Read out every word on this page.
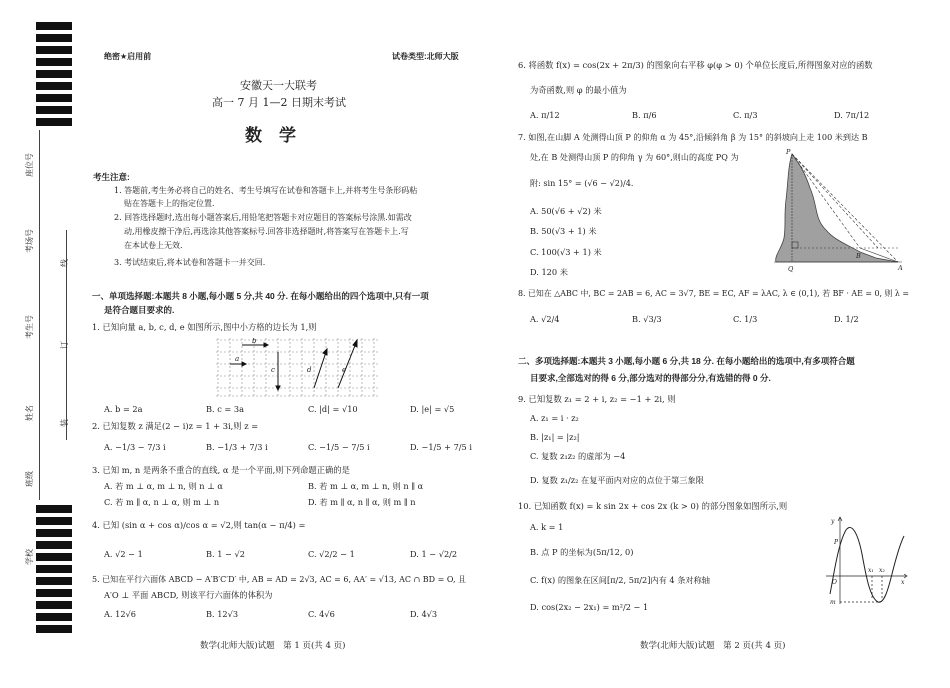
座位号
考场号
考生号
姓名
班级
学校
线
订
装
绝密★启用前	试卷类型:北师大版
安徽天一大联考
高一 7 月 1—2 日期末考试
数　学
考生注意:
1. 答题前,考生务必将自己的姓名、考生号填写在试卷和答题卡上,并将考生号条形码粘
贴在答题卡上的指定位置.
2. 回答选择题时,选出每小题答案后,用铅笔把答题卡对应题目的答案标号涂黑.如需改
动,用橡皮擦干净后,再选涂其他答案标号.回答非选择题时,将答案写在答题卡上.写
在本试卷上无效.
3. 考试结束后,将本试卷和答题卡一并交回.
一、单项选择题:本题共 8 小题,每小题 5 分,共 40 分. 在每小题给出的四个选项中,只有一项
是符合题目要求的.
1. 已知向量 a, b, c, d, e 如图所示,图中小方格的边长为 1,则
a
b
c	d	e
A. b = 2a	B. c = 3a	C. |d| = √10	D. |e| = √5
2. 已知复数 z 满足(2 − i)z = 1 + 3i,则 z =
A. −1/3 − 7/3 i	B. −1/3 + 7/3 i	C. −1/5 − 7/5 i	D. −1/5 + 7/5 i
3. 已知 m, n 是两条不重合的直线, α 是一个平面,则下列命题正确的是
A. 若 m ⊥ α, m ⊥ n, 则 n ⊥ α	B. 若 m ⊥ α, m ⊥ n, 则 n ∥ α
C. 若 m ∥ α, n ⊥ α, 则 m ⊥ n	D. 若 m ∥ α, n ∥ α, 则 m ∥ n
4. 已知 (sin α + cos α)/cos α = √2,则 tan(α − π/4) =
A. √2 − 1	B. 1 − √2	C. √2/2 − 1	D. 1 − √2/2
5. 已知在平行六面体 ABCD − A′B′C′D′ 中, AB = AD = 2√3, AC = 6, AA′ = √13, AC ∩ BD = O, 且
A′O ⊥ 平面 ABCD, 则该平行六面体的体积为
A. 12√6	B. 12√3	C. 4√6	D. 4√3
数学(北师大版)试题　第 1 页(共 4 页)
6. 将函数 f(x) = cos(2x + 2π/3) 的图象向右平移 φ(φ > 0) 个单位长度后,所得图象对应的函数
为奇函数,则 φ 的最小值为
A. π/12	B. π/6	C. π/3	D. 7π/12
7. 如图,在山脚 A 处测得山顶 P 的仰角 α 为 45°,沿倾斜角 β 为 15° 的斜坡向上走 100 米到达 B
处,在 B 处测得山顶 P 的仰角 γ 为 60°,则山的高度 PQ 为
附: sin 15° = (√6 − √2)/4.
A. 50(√6 + √2) 米
B. 50(√3 + 1) 米
C. 100(√3 + 1) 米
D. 120 米
P
Q	A
B
8. 已知在 △ABC 中, BC = 2AB = 6, AC = 3√7, BE = EC, AF = λAC, λ ∈ (0,1), 若 BF · AE = 0, 则 λ =
A. √2/4	B. √3/3	C. 1/3	D. 1/2
二、多项选择题:本题共 3 小题,每小题 6 分,共 18 分. 在每小题给出的选项中,有多项符合题
目要求,全部选对的得 6 分,部分选对的得部分分,有选错的得 0 分.
9. 已知复数 z₁ = 2 + i, z₂ = −1 + 2i, 则
A. z₁ = i · z₂
B. |z₁| = |z₂|
C. 复数 z₁z₂ 的虚部为 −4
D. 复数 z₁/z₂ 在复平面内对应的点位于第三象限
10. 已知函数 f(x) = k sin 2x + cos 2x (k > 0) 的部分图象如图所示,则
A. k = 1
B. 点 P 的坐标为(5π/12, 0)
C. f(x) 的图象在区间[π/2, 5π/2]内有 4 条对称轴
D. cos(2x₂ − 2x₁) = m²/2 − 1
y
P
O
x₁ x₂
x
m
数学(北师大版)试题　第 2 页(共 4 页)
